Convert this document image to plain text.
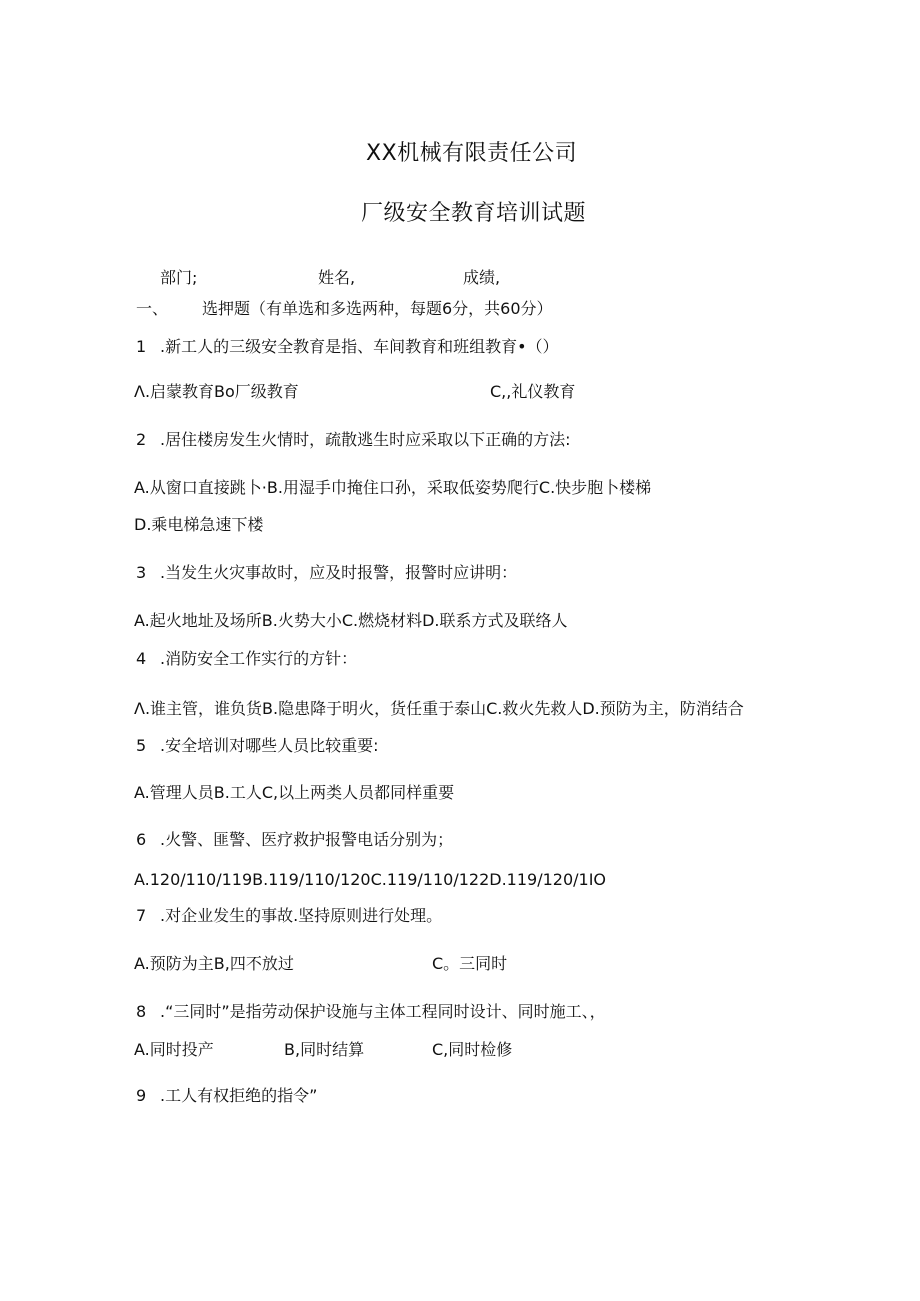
XX机械有限责任公司
厂级安全教育培训试题
部门;	姓名,	成绩,
一、 选押题（有单选和多选两种，每题6分，共60分）
1 .新工人的三级安全教育是指、车间教育和班组教育•（）
Λ.启蒙教育Bo厂级教育	C,,礼仪教育
2 .居住楼房发生火情时，疏散逃生时应采取以下正确的方法:
A.从窗口直接跳卜·B.用湿手巾掩住口孙，采取低姿势爬行C.快步胞卜楼梯
D.乘电梯急速下楼
3 .当发生火灾事故时，应及时报警，报警时应讲明：
A.起火地址及场所B.火势大小C.燃烧材料D.联系方式及联络人
4 .消防安全工作实行的方针：
Λ.谁主管，谁负货B.隐患降于明火，货任重于泰山C.救火先救人D.预防为主，防消结合
5 .安全培训对哪些人员比较重要:
A.管理人员B.工人C,以上两类人员都同样重要
6 .火警、匪警、医疗救护报警电话分别为；
A.120/110/119B.119/110/120C.119/110/122D.119/120/1IO
7 .对企业发生的事故.坚持原则进行处理。
A.预防为主B,四不放过	C。三同时
8 .“三同时”是指劳动保护设施与主体工程同时设计、同时施工、，
A.同时投产	B,同时结算	C,同时检修
9 .工人有权拒绝的指令”
